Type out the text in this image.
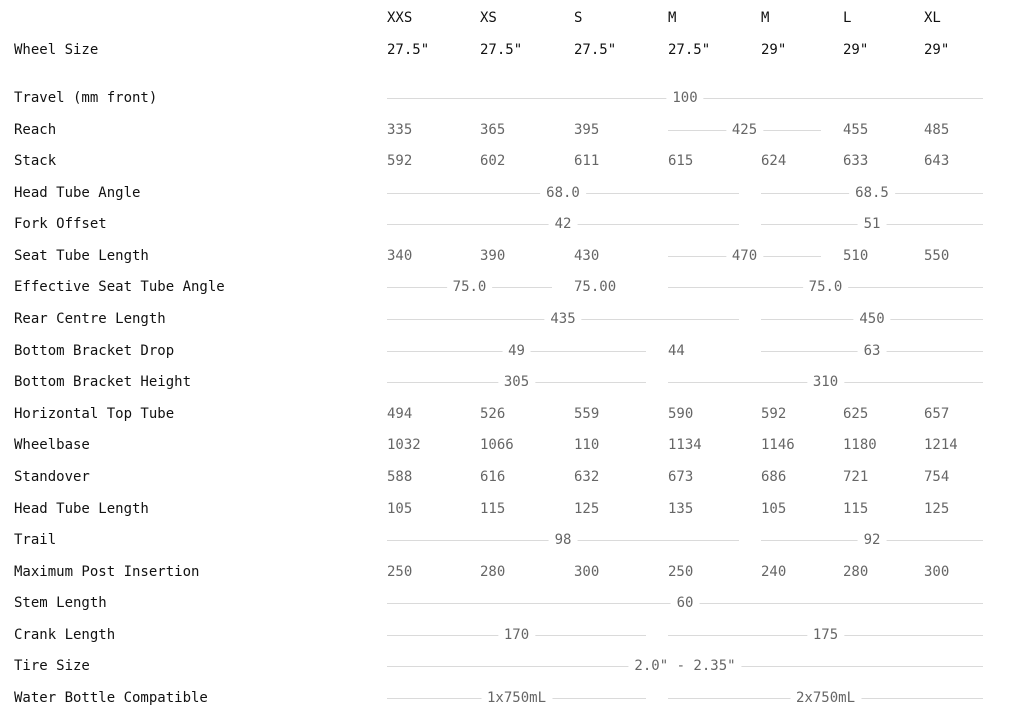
XXS	XS	S	M	M	L	XL
Wheel Size	27.5"	27.5"	27.5"	27.5"	29"	29"	29"
Travel (mm front)	100
Reach	335	365	395	425	455	485
Stack	592	602	611	615	624	633	643
Head Tube Angle	68.0	68.5
Fork Offset	42	51
Seat Tube Length	340	390	430	470	510	550
Effective Seat Tube Angle	75.0	75.00	75.0
Rear Centre Length	435	450
Bottom Bracket Drop	49	44	63
Bottom Bracket Height	305	310
Horizontal Top Tube	494	526	559	590	592	625	657
Wheelbase	1032	1066	110	1134	1146	1180	1214
Standover	588	616	632	673	686	721	754
Head Tube Length	105	115	125	135	105	115	125
Trail	98	92
Maximum Post Insertion	250	280	300	250	240	280	300
Stem Length	60
Crank Length	170	175
Tire Size	2.0" - 2.35"
Water Bottle Compatible	1x750mL	2x750mL
